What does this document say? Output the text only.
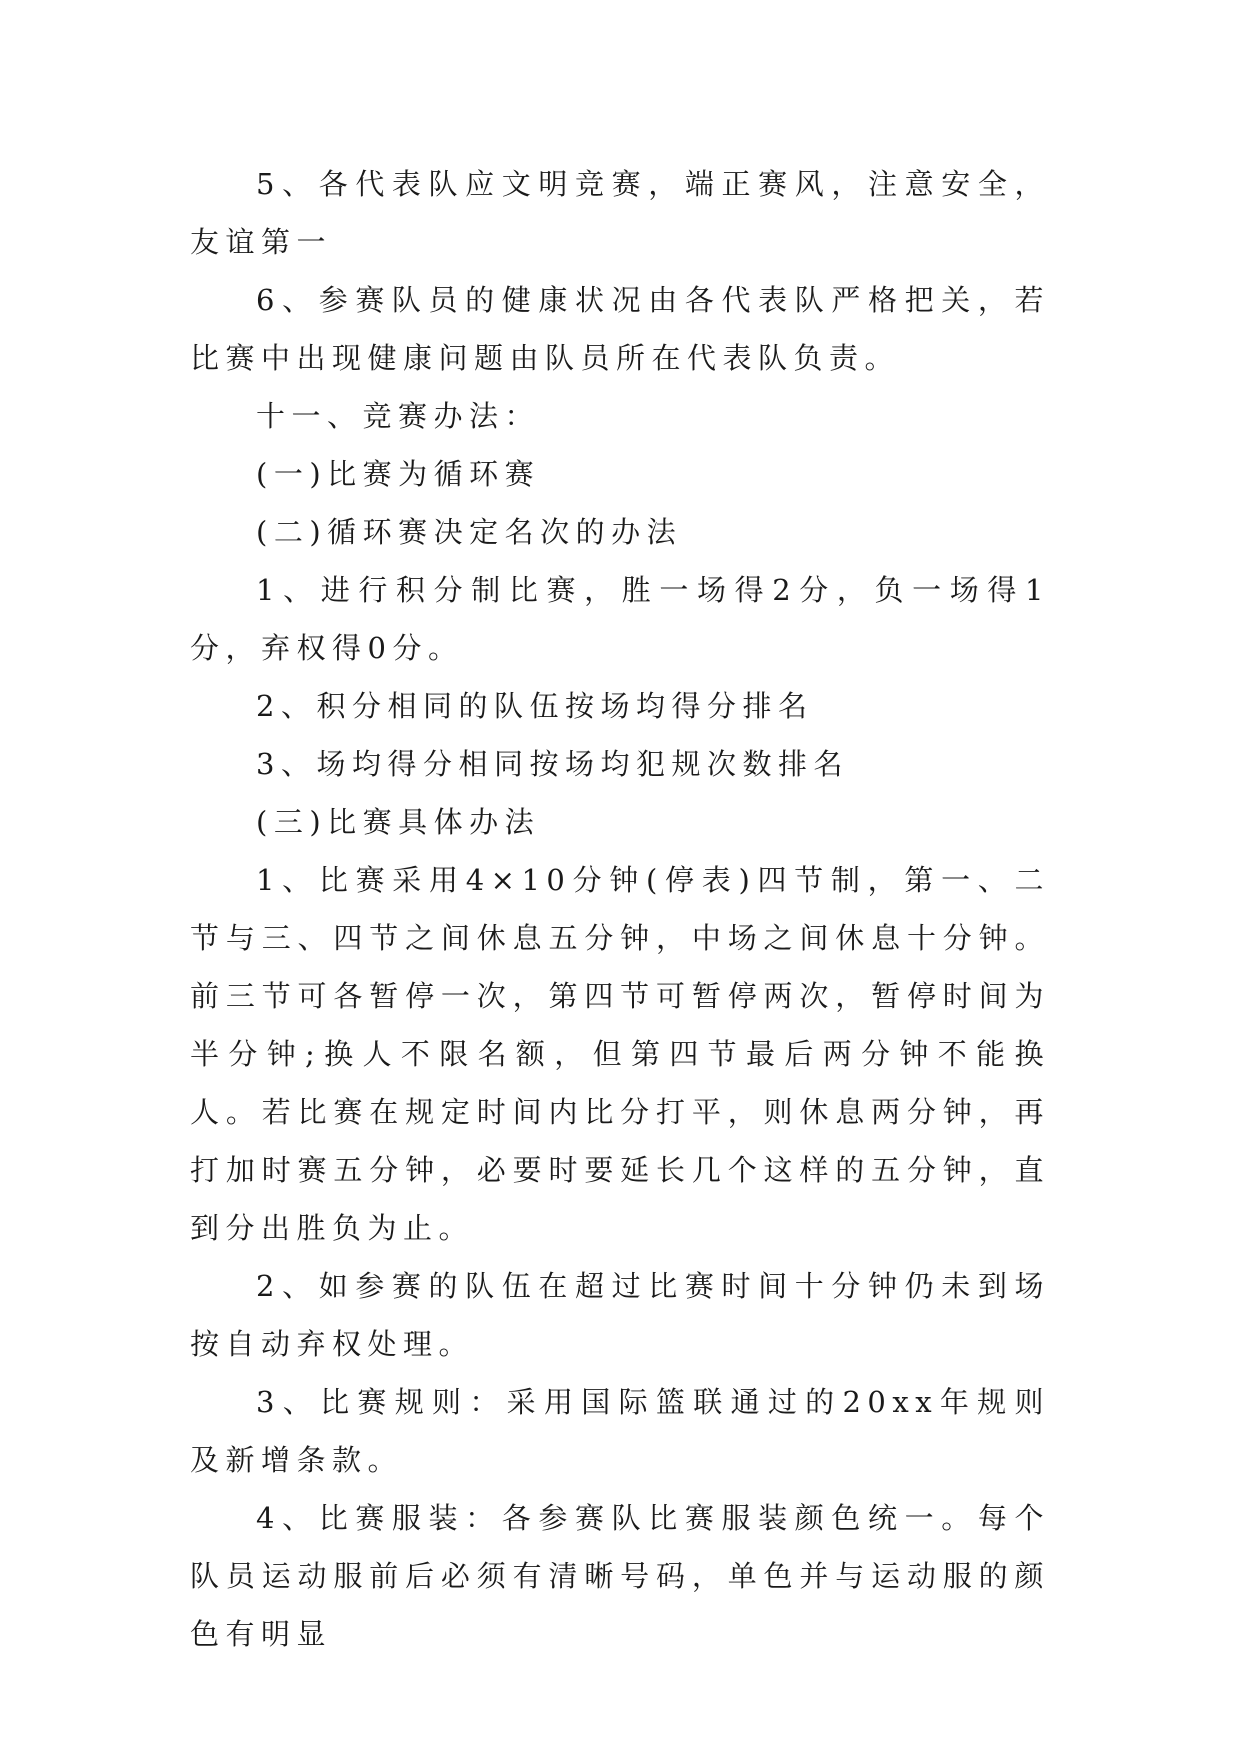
5、各代表队应文明竞赛，端正赛风，注意安全，友谊第一

6、参赛队员的健康状况由各代表队严格把关，若比赛中出现健康问题由队员所在代表队负责。

十一、竞赛办法：

(一)比赛为循环赛

(二)循环赛决定名次的办法

1、进行积分制比赛，胜一场得2分，负一场得1分，弃权得0分。

2、积分相同的队伍按场均得分排名

3、场均得分相同按场均犯规次数排名

(三)比赛具体办法

1、比赛采用4×10分钟(停表)四节制，第一、二节与三、四节之间休息五分钟，中场之间休息十分钟。前三节可各暂停一次，第四节可暂停两次，暂停时间为半分钟;换人不限名额，但第四节最后两分钟不能换人。若比赛在规定时间内比分打平，则休息两分钟，再打加时赛五分钟，必要时要延长几个这样的五分钟，直到分出胜负为止。

2、如参赛的队伍在超过比赛时间十分钟仍未到场按自动弃权处理。

3、比赛规则：采用国际篮联通过的20xx年规则及新增条款。

4、比赛服装：各参赛队比赛服装颜色统一。每个队员运动服前后必须有清晰号码，单色并与运动服的颜色有明显
